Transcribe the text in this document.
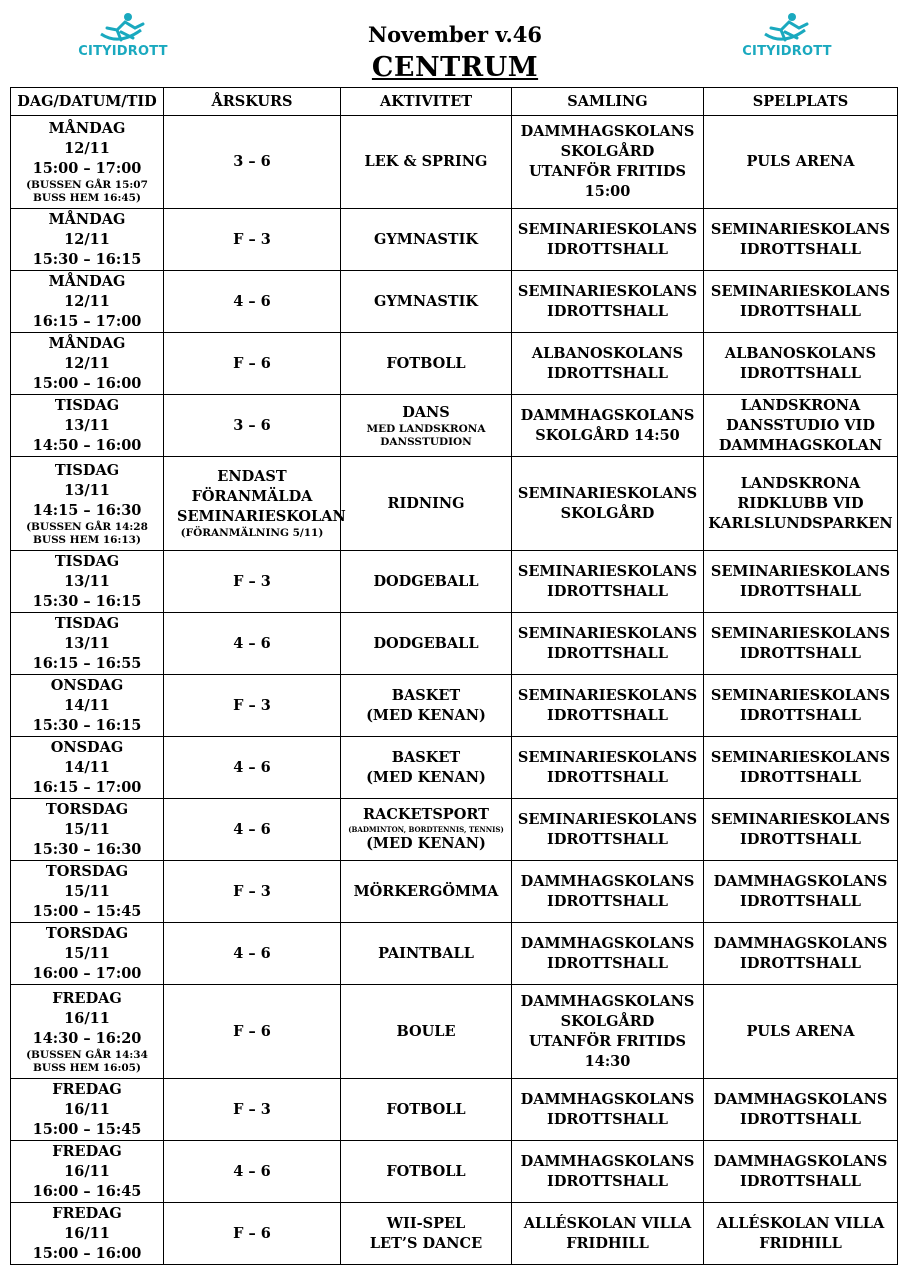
CITYIDROTT	CITYIDROTT
November v.46
CENTRUM
DAG/DATUM/TID	ÅRSKURS	AKTIVITET	SAMLING	SPELPLATS

MÅNDAG
12/11
15:00 – 17:00
(BUSSEN GÅR 15:07
BUSS HEM 16:45)	3 – 6	LEK & SPRING	DAMMHAGSKOLANS SKOLGÅRD UTANFÖR FRITIDS 15:00	PULS ARENA

MÅNDAG
12/11
15:30 – 16:15	F – 3	GYMNASTIK	SEMINARIESKOLANS IDROTTSHALL	SEMINARIESKOLANS IDROTTSHALL

MÅNDAG
12/11
16:15 – 17:00	4 – 6	GYMNASTIK	SEMINARIESKOLANS IDROTTSHALL	SEMINARIESKOLANS IDROTTSHALL

MÅNDAG
12/11
15:00 – 16:00	F – 6	FOTBOLL	ALBANOSKOLANS IDROTTSHALL	ALBANOSKOLANS IDROTTSHALL

TISDAG
13/11
14:50 – 16:00	3 – 6	DANS
MED LANDSKRONA DANSSTUDION	DAMMHAGSKOLANS SKOLGÅRD 14:50	LANDSKRONA DANSSTUDIO VID DAMMHAGSKOLAN

TISDAG
13/11
14:15 – 16:30
(BUSSEN GÅR 14:28
BUSS HEM 16:13)	ENDAST FÖRANMÄLDA SEMINARIESKOLAN
(FÖRANMÄLNING 5/11)	RIDNING	SEMINARIESKOLANS SKOLGÅRD	LANDSKRONA RIDKLUBB VID KARLSLUNDSPARKEN

TISDAG
13/11
15:30 – 16:15	F – 3	DODGEBALL	SEMINARIESKOLANS IDROTTSHALL	SEMINARIESKOLANS IDROTTSHALL

TISDAG
13/11
16:15 – 16:55	4 – 6	DODGEBALL	SEMINARIESKOLANS IDROTTSHALL	SEMINARIESKOLANS IDROTTSHALL

ONSDAG
14/11
15:30 – 16:15	F – 3	BASKET
(MED KENAN)	SEMINARIESKOLANS IDROTTSHALL	SEMINARIESKOLANS IDROTTSHALL

ONSDAG
14/11
16:15 – 17:00	4 – 6	BASKET
(MED KENAN)	SEMINARIESKOLANS IDROTTSHALL	SEMINARIESKOLANS IDROTTSHALL

TORSDAG
15/11
15:30 – 16:30	4 – 6	RACKETSPORT
(BADMINTON, BORDTENNIS, TENNIS)
(MED KENAN)	SEMINARIESKOLANS IDROTTSHALL	SEMINARIESKOLANS IDROTTSHALL

TORSDAG
15/11
15:00 – 15:45	F – 3	MÖRKERGÖMMA	DAMMHAGSKOLANS IDROTTSHALL	DAMMHAGSKOLANS IDROTTSHALL

TORSDAG
15/11
16:00 – 17:00	4 – 6	PAINTBALL	DAMMHAGSKOLANS IDROTTSHALL	DAMMHAGSKOLANS IDROTTSHALL

FREDAG
16/11
14:30 – 16:20
(BUSSEN GÅR 14:34
BUSS HEM 16:05)	F – 6	BOULE	DAMMHAGSKOLANS SKOLGÅRD UTANFÖR FRITIDS 14:30	PULS ARENA

FREDAG
16/11
15:00 – 15:45	F – 3	FOTBOLL	DAMMHAGSKOLANS IDROTTSHALL	DAMMHAGSKOLANS IDROTTSHALL

FREDAG
16/11
16:00 – 16:45	4 – 6	FOTBOLL	DAMMHAGSKOLANS IDROTTSHALL	DAMMHAGSKOLANS IDROTTSHALL

FREDAG
16/11
15:00 – 16:00	F – 6	WII-SPEL
LET’S DANCE	ALLÉSKOLAN VILLA FRIDHILL	ALLÉSKOLAN VILLA FRIDHILL
